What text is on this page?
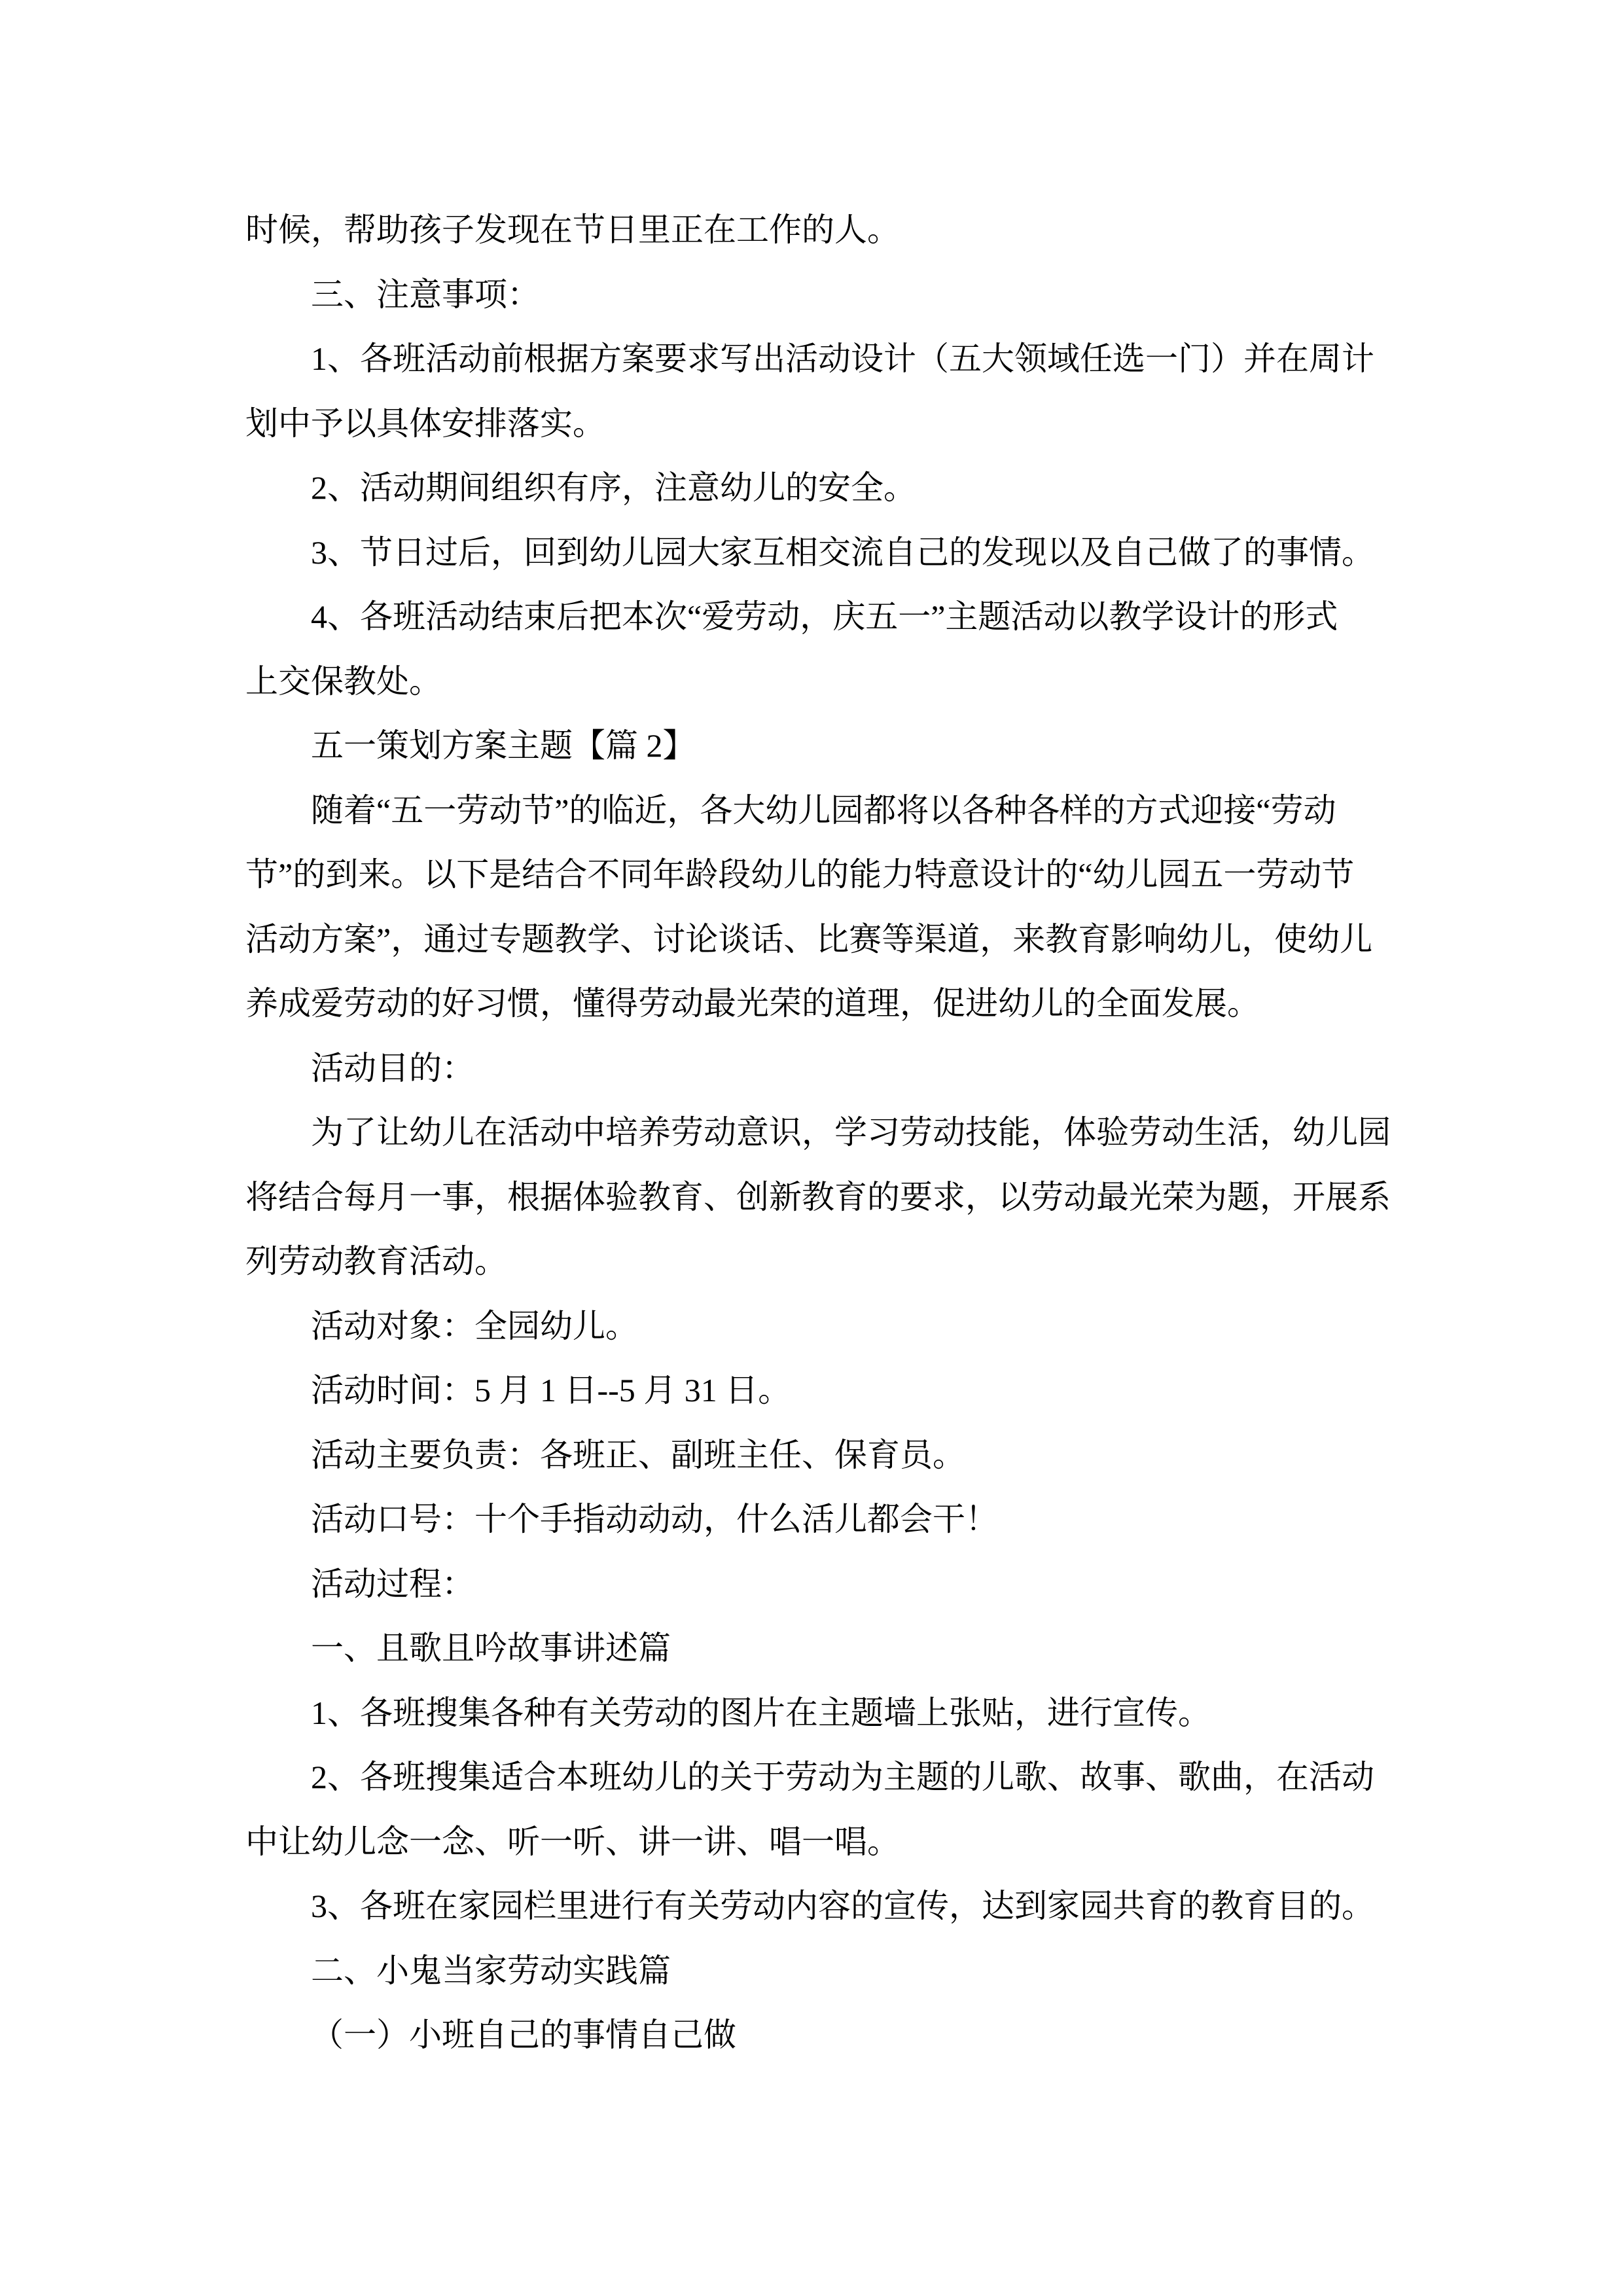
时候，帮助孩子发现在节日里正在工作的人。
三、注意事项：
1、各班活动前根据方案要求写出活动设计（五大领域任选一门）并在周计
划中予以具体安排落实。
2、活动期间组织有序，注意幼儿的安全。
3、节日过后，回到幼儿园大家互相交流自己的发现以及自己做了的事情。
4、各班活动结束后把本次“爱劳动，庆五一”主题活动以教学设计的形式
上交保教处。
五一策划方案主题【篇 2】
随着“五一劳动节”的临近，各大幼儿园都将以各种各样的方式迎接“劳动
节”的到来。以下是结合不同年龄段幼儿的能力特意设计的“幼儿园五一劳动节
活动方案”，通过专题教学、讨论谈话、比赛等渠道，来教育影响幼儿，使幼儿
养成爱劳动的好习惯，懂得劳动最光荣的道理，促进幼儿的全面发展。
活动目的：
为了让幼儿在活动中培养劳动意识，学习劳动技能，体验劳动生活，幼儿园
将结合每月一事，根据体验教育、创新教育的要求，以劳动最光荣为题，开展系
列劳动教育活动。
活动对象：全园幼儿。
活动时间：5 月 1 日--5 月 31 日。
活动主要负责：各班正、副班主任、保育员。
活动口号：十个手指动动动，什么活儿都会干！
活动过程：
一、且歌且吟故事讲述篇
1、各班搜集各种有关劳动的图片在主题墙上张贴，进行宣传。
2、各班搜集适合本班幼儿的关于劳动为主题的儿歌、故事、歌曲，在活动
中让幼儿念一念、听一听、讲一讲、唱一唱。
3、各班在家园栏里进行有关劳动内容的宣传，达到家园共育的教育目的。
二、小鬼当家劳动实践篇
（一）小班自己的事情自己做
